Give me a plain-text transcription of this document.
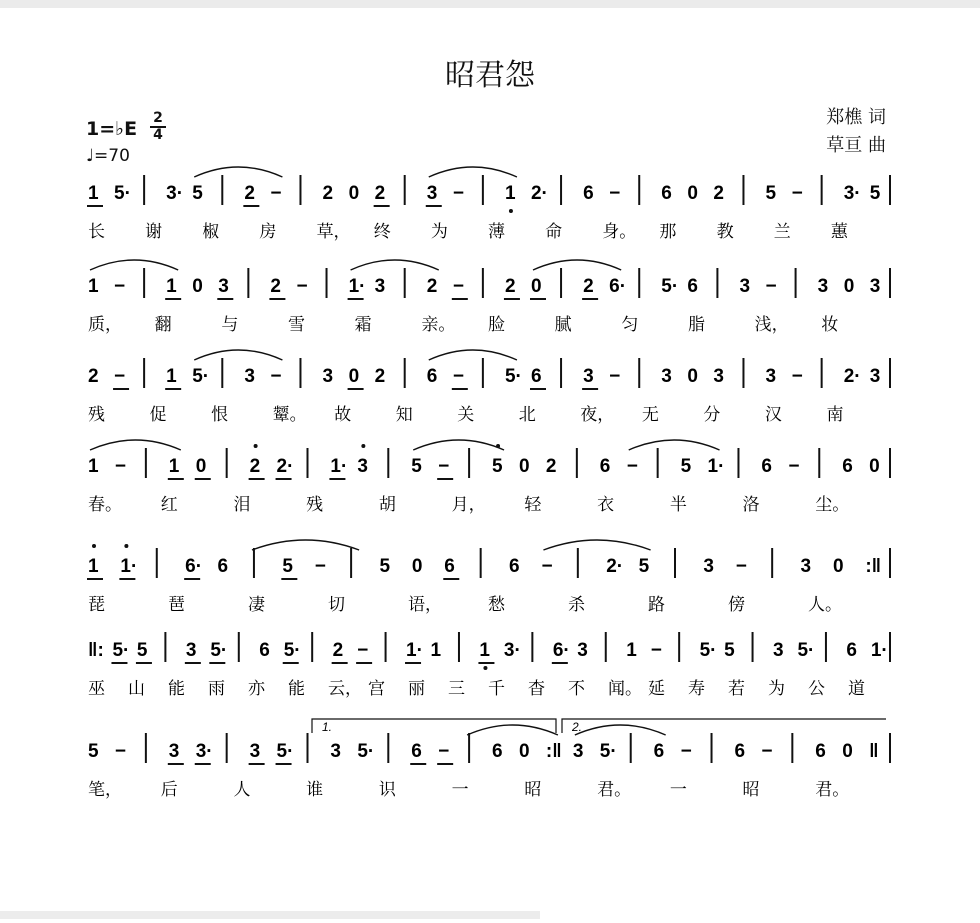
昭君怨
1=♭E 2
4
♩=70
郑樵 词
草亘 曲
1 5· 3· 5 2 − 2 0 2 3 − 1 2· 6 − 6 0 2 5 − 3· 5
长 谢 椒 房 草， 终 为 薄 命 身。 那 教 兰 蕙
1 − 1 0 3 2 − 1· 3 2 − 2 0 2 6· 5· 6 3 − 3 0 3
质， 翻	与	雪	霜	亲。 脸	腻	匀	脂	浅， 妆
2 − 1 5· 3 − 3 0 2 6 − 5· 6 3 − 3 0 3 3 − 2· 3
残	促	恨	颦。 故	知	关	北	夜， 无	分	汉	南
1 − 1 0 2 2· 1· 3 5 − 5 0 2 6 − 5 1· 6 − 6 0
春。 红	泪	残	胡	月， 轻	衣	半	洛	尘。
1 1·	6· 6	5 −	5 0 6	6 −	2· 5	3 −	3 0 :‖
琵	琶	凄	切	语，	愁	杀	路	傍	人。
‖: 5· 5 3 5· 6 5· 2 − 1· 1 1 3· 6· 3 1 − 5· 5 3 5· 6 1·
巫 山 能 雨 亦 能 云， 宫 丽 三 千 杳 不 闻。 延 寿 若 为 公 道
5 − 3 3· 3 5· 3 5· 6 − 6 0 :‖ 3 5· 6 − 6 − 6 0 ‖
笔， 后	人	谁	识	一	昭	君。 一	昭	君。
1.	2.
